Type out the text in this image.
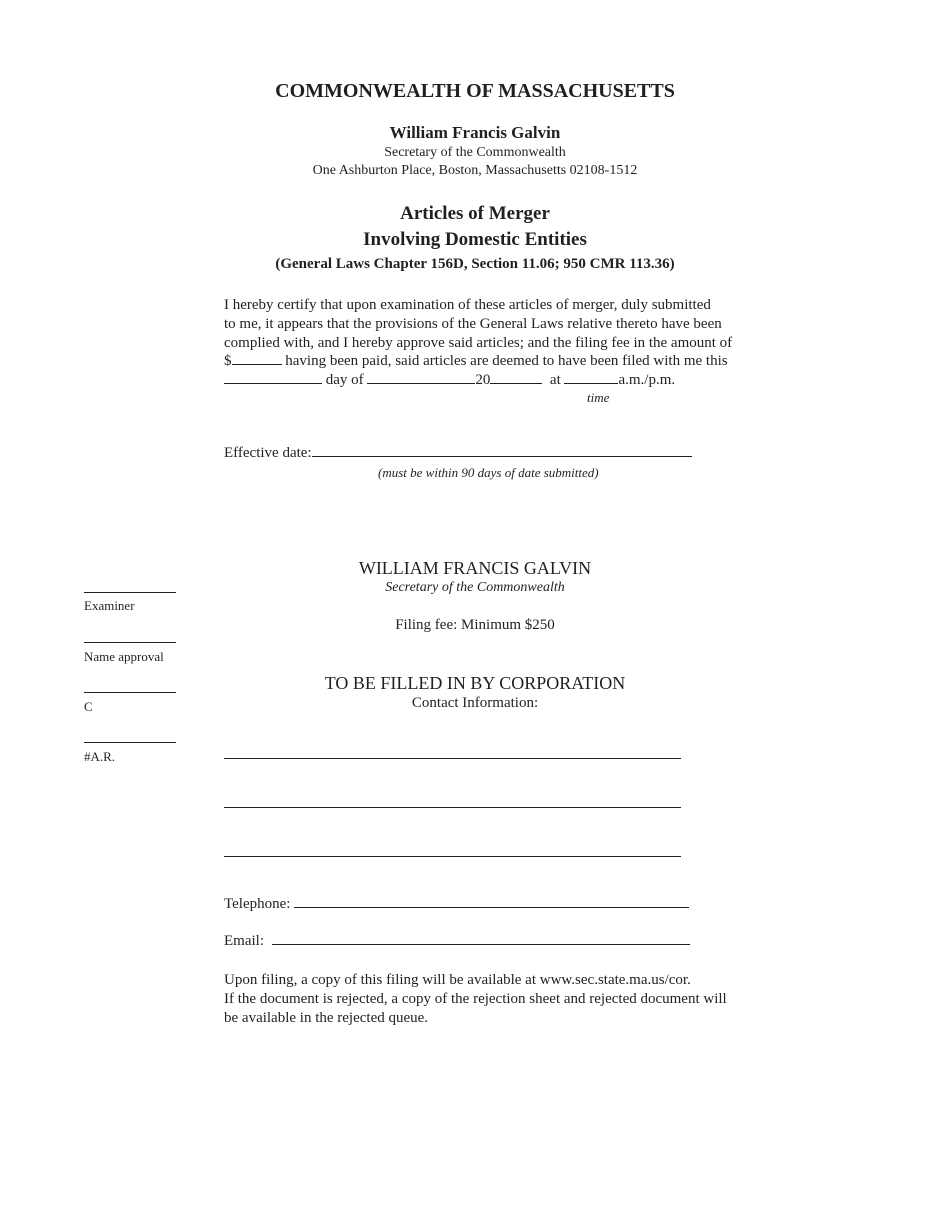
COMMONWEALTH OF MASSACHUSETTS
William Francis Galvin
Secretary of the Commonwealth
One Ashburton Place, Boston, Massachusetts 02108-1512
Articles of Merger
Involving Domestic Entities
(General Laws Chapter 156D, Section 11.06; 950 CMR 113.36)
I hereby certify that upon examination of these articles of merger, duly submitted
to me, it appears that the provisions of the General Laws relative thereto have been
complied with, and I hereby approve said articles; and the filing fee in the amount of
$	having been paid, said articles are deemed to have been filed with me this
day of	20	at	a.m./p.m.
time
Effective date:
(must be within 90 days of date submitted)
WILLIAM FRANCIS GALVIN
Secretary of the Commonwealth
Filing fee: Minimum $250
Examiner
Name approval
C
#A.R.
TO BE FILLED IN BY CORPORATION
Contact Information:
Telephone:
Email:
Upon filing, a copy of this filing will be available at www.sec.state.ma.us/cor.
If the document is rejected, a copy of the rejection sheet and rejected document will
be available in the rejected queue.
